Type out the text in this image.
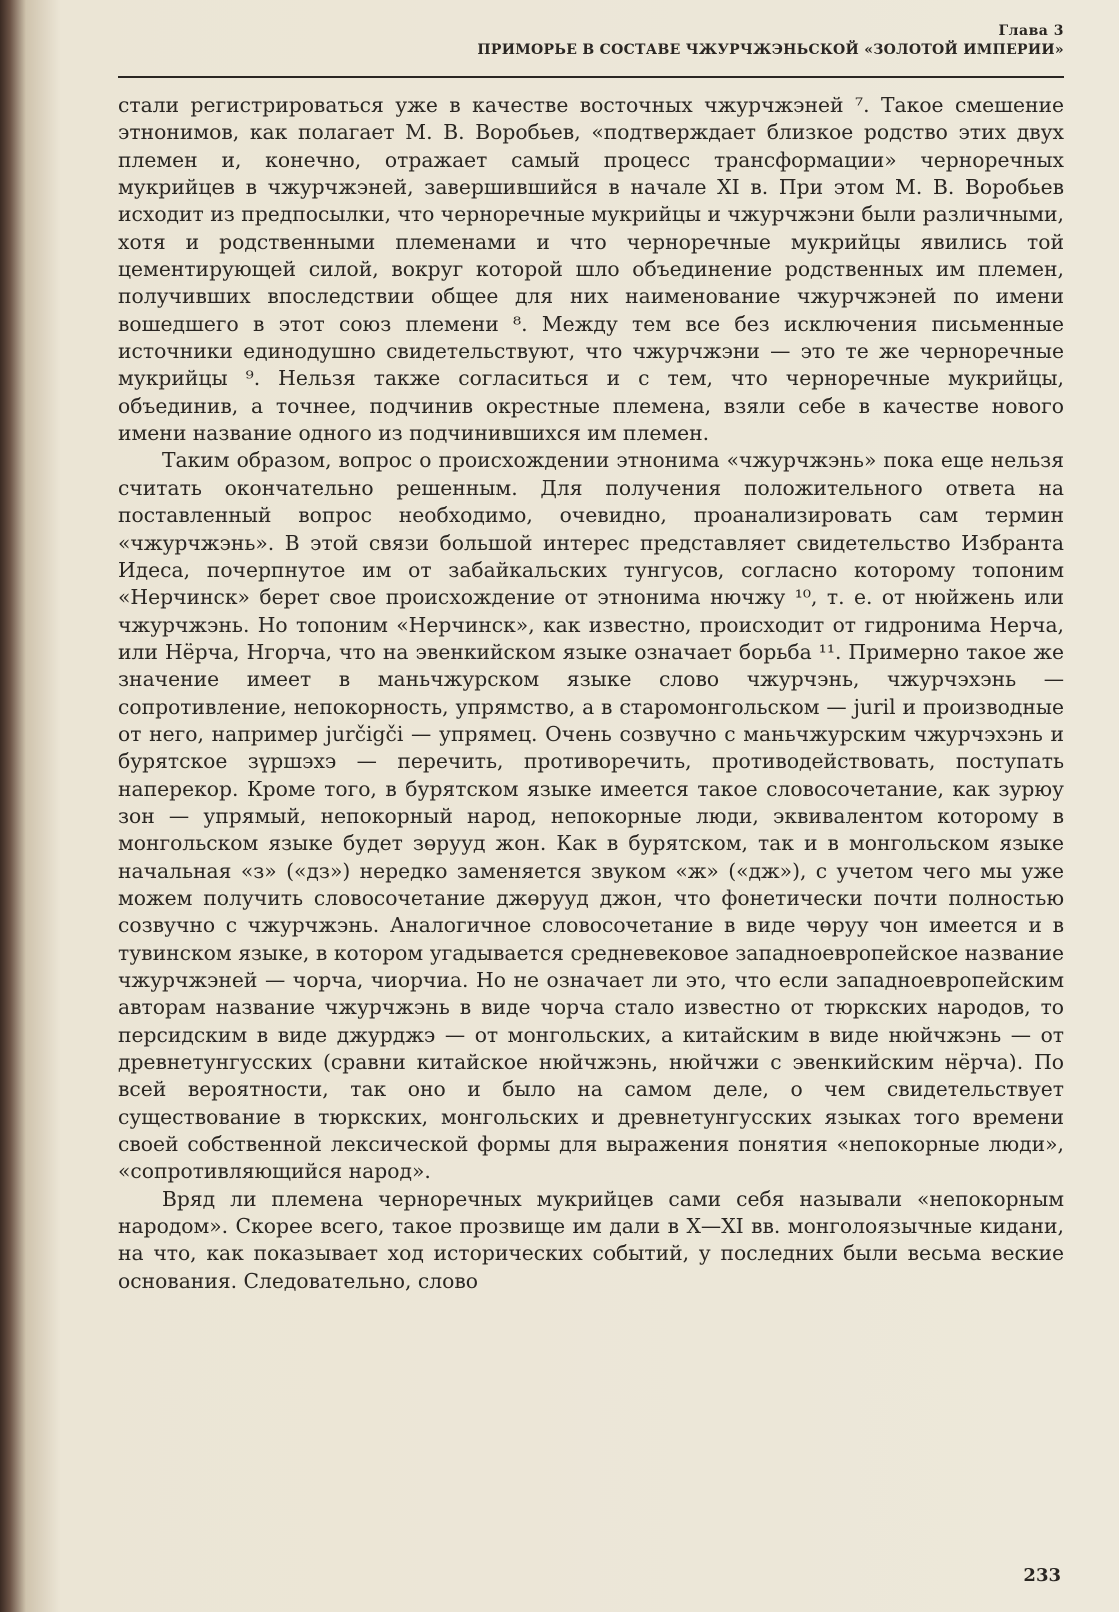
Глава 3
ПРИМОРЬЕ В СОСТАВЕ ЧЖУРЧЖЭНЬСКОЙ «ЗОЛОТОЙ ИМПЕРИИ»

стали регистрироваться уже в качестве восточных чжурчжэней ⁷. Такое смешение этнонимов, как полагает М. В. Воробьев, «подтверждает близкое родство этих двух племен и, конечно, отражает самый процесс трансформации» черноречных мукрийцев в чжурчжэней, завершившийся в начале XI в. При этом М. В. Воробьев исходит из предпосылки, что черноречные мукрийцы и чжурчжэни были различными, хотя и родственными племенами и что черноречные мукрийцы явились той цементирующей силой, вокруг которой шло объединение родственных им племен, получивших впоследствии общее для них наименование чжурчжэней по имени вошедшего в этот союз племени ⁸. Между тем все без исключения письменные источники единодушно свидетельствуют, что чжурчжэни — это те же черноречные мукрийцы ⁹. Нельзя также согласиться и с тем, что черноречные мукрийцы, объединив, а точнее, подчинив окрестные племена, взяли себе в качестве нового имени название одного из подчинившихся им племен.

Таким образом, вопрос о происхождении этнонима «чжурчжэнь» пока еще нельзя считать окончательно решенным. Для получения положительного ответа на поставленный вопрос необходимо, очевидно, проанализировать сам термин «чжурчжэнь». В этой связи большой интерес представляет свидетельство Избранта Идеса, почерпнутое им от забайкальских тунгусов, согласно которому топоним «Нерчинск» берет свое происхождение от этнонима нючжу ¹⁰, т. е. от нюйжень или чжурчжэнь. Но топоним «Нерчинск», как известно, происходит от гидронима Нерча, или Нёрча, Нгорча, что на эвенкийском языке означает борьба ¹¹. Примерно такое же значение имеет в маньчжурском языке слово чжурчэнь, чжурчэхэнь — сопротивление, непокорность, упрямство, а в старомонгольском — juril и производные от него, например jurčigči — упрямец. Очень созвучно с маньчжурским чжурчэхэнь и бурятское зүршэхэ — перечить, противоречить, противодействовать, поступать наперекор. Кроме того, в бурятском языке имеется такое словосочетание, как зурюу зон — упрямый, непокорный народ, непокорные люди, эквивалентом которому в монгольском языке будет зөрууд жон. Как в бурятском, так и в монгольском языке начальная «з» («дз») нередко заменяется звуком «ж» («дж»), с учетом чего мы уже можем получить словосочетание джөрууд джон, что фонетически почти полностью созвучно с чжурчжэнь. Аналогичное словосочетание в виде чөруу чон имеется и в тувинском языке, в котором угадывается средневековое западноевропейское название чжурчжэней — чорча, чиорчиа. Но не означает ли это, что если западноевропейским авторам название чжурчжэнь в виде чорча стало известно от тюркских народов, то персидским в виде джурджэ — от монгольских, а китайским в виде нюйчжэнь — от древнетунгусских (сравни китайское нюйчжэнь, нюйчжи с эвенкийским нёрча). По всей вероятности, так оно и было на самом деле, о чем свидетельствует существование в тюркских, монгольских и древнетунгусских языках того времени своей собственной лексической формы для выражения понятия «непокорные люди», «сопротивляющийся народ».

Вряд ли племена черноречных мукрийцев сами себя называли «непокорным народом». Скорее всего, такое прозвище им дали в X—XI вв. монголоязычные кидани, на что, как показывает ход исторических событий, у последних были весьма веские основания. Следовательно, слово

233
